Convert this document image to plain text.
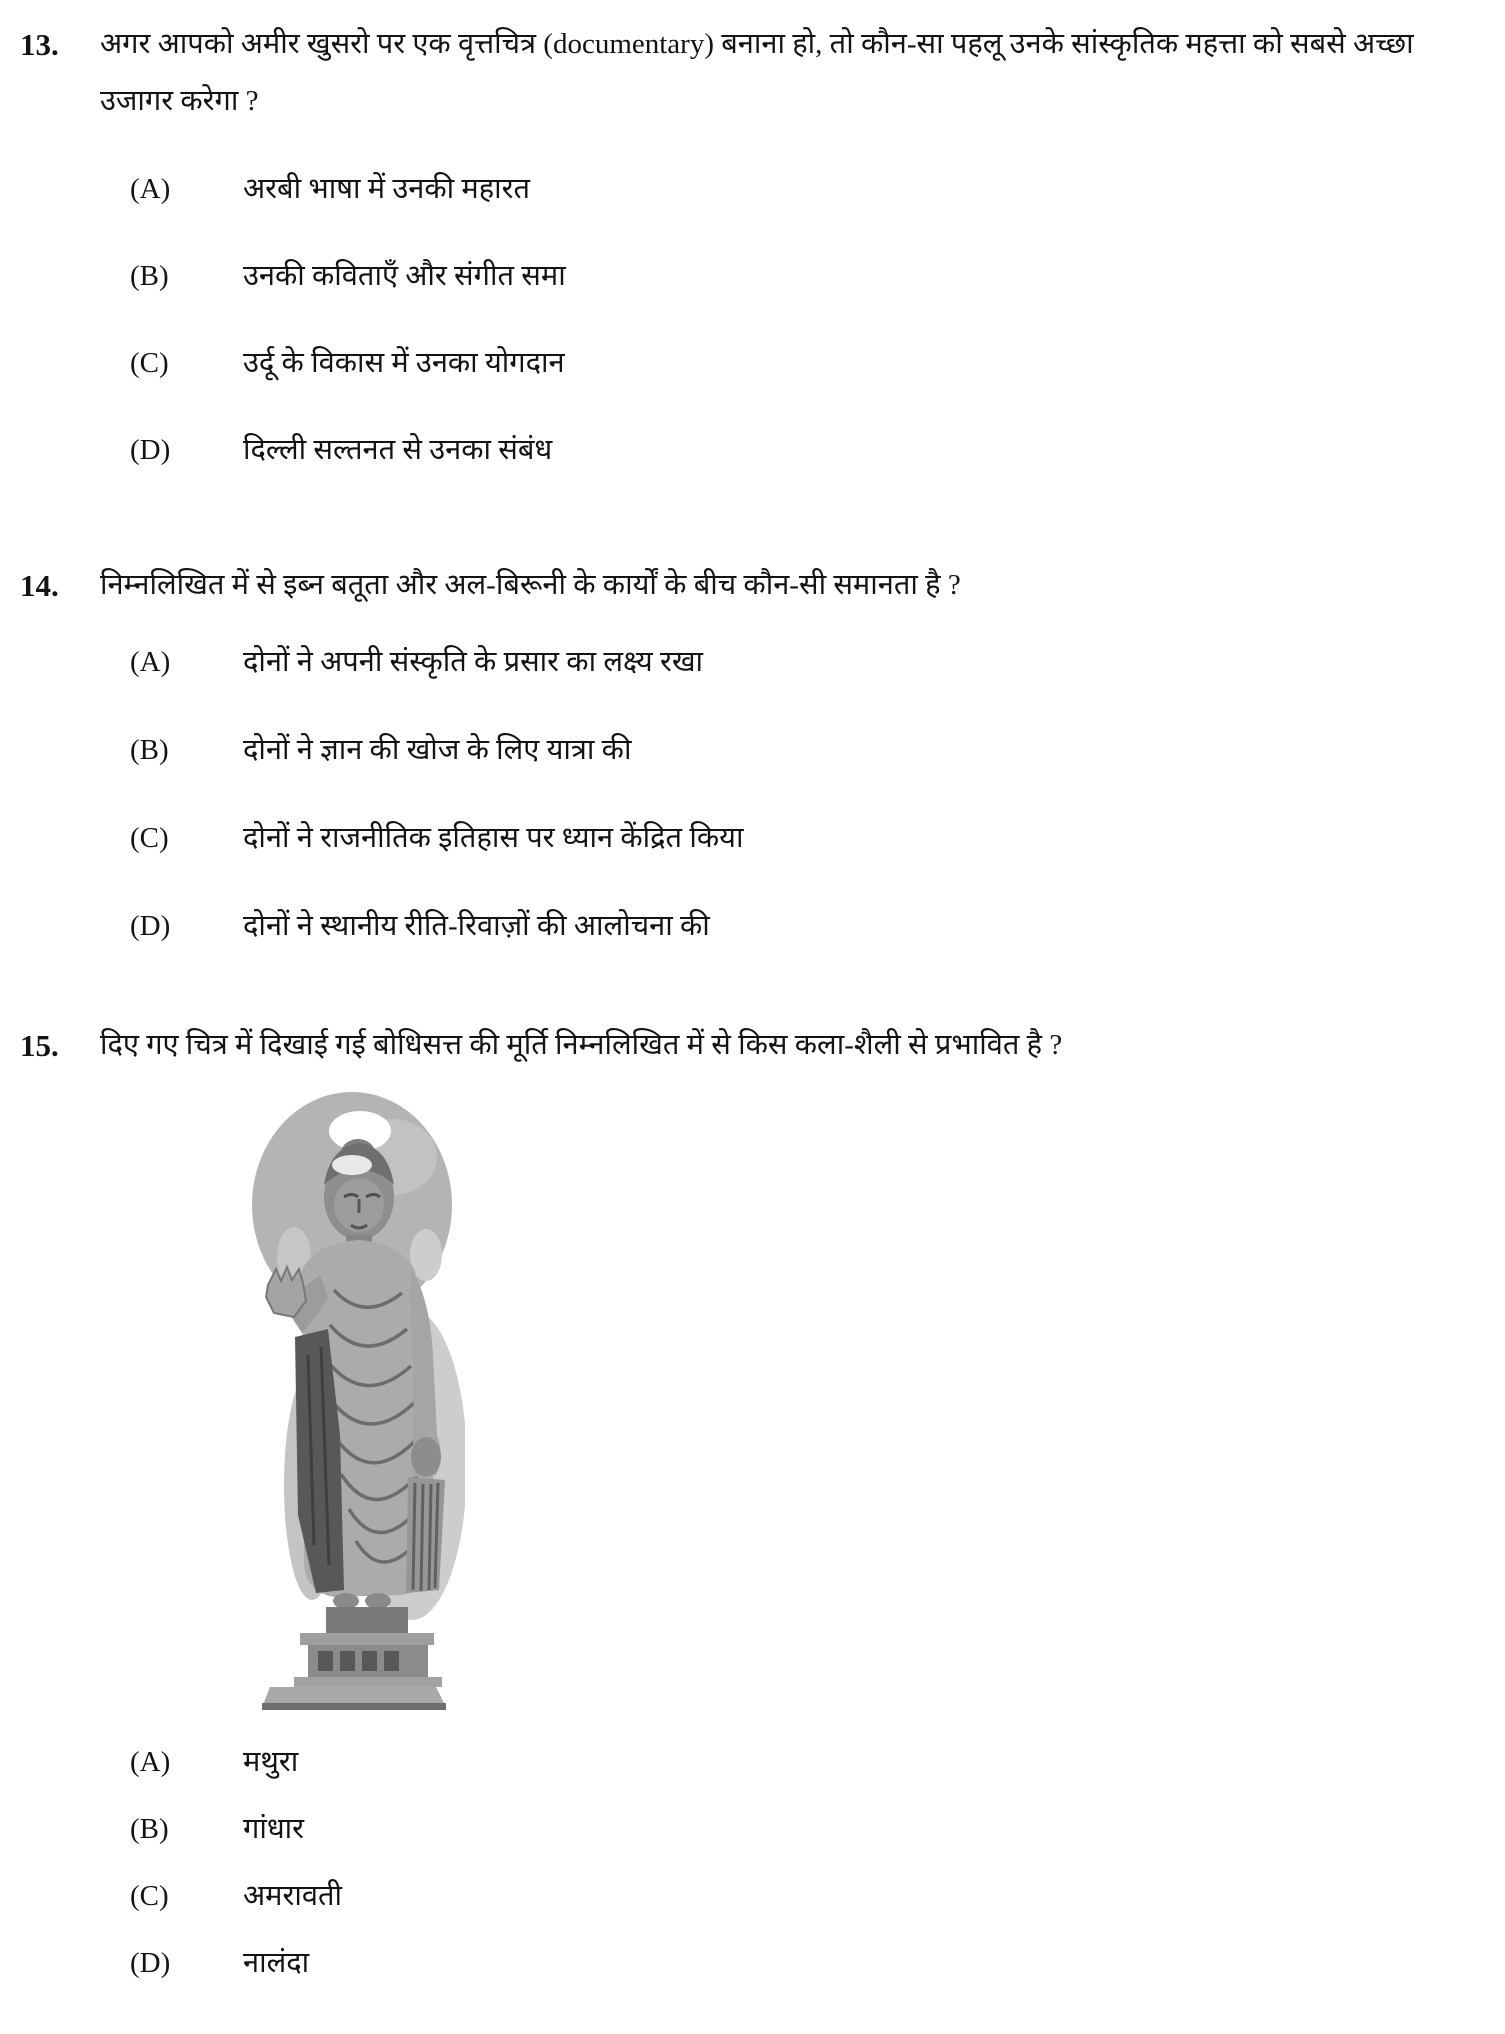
13.	अगर आपको अमीर खुसरो पर एक वृत्तचित्र (documentary) बनाना हो, तो कौन-सा पहलू उनके सांस्कृतिक महत्ता को सबसे अच्छा उजागर करेगा ?
(A)	अरबी भाषा में उनकी महारत
(B)	उनकी कविताएँ और संगीत समा
(C)	उर्दू के विकास में उनका योगदान
(D)	दिल्ली सल्तनत से उनका संबंध
14.	निम्नलिखित में से इब्न बतूता और अल-बिरूनी के कार्यों के बीच कौन-सी समानता है ?
(A)	दोनों ने अपनी संस्कृति के प्रसार का लक्ष्य रखा
(B)	दोनों ने ज्ञान की खोज के लिए यात्रा की
(C)	दोनों ने राजनीतिक इतिहास पर ध्यान केंद्रित किया
(D)	दोनों ने स्थानीय रीति-रिवाज़ों की आलोचना की
15.	दिए गए चित्र में दिखाई गई बोधिसत्त की मूर्ति निम्नलिखित में से किस कला-शैली से प्रभावित है ?
(A)	मथुरा
(B)	गांधार
(C)	अमरावती
(D)	नालंदा
